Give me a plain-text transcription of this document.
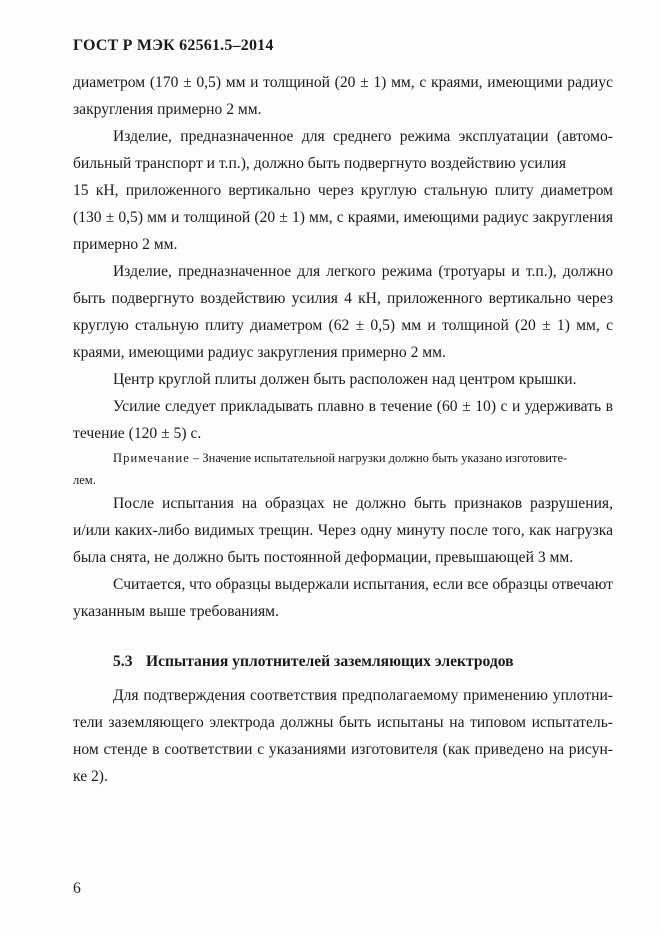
ГОСТ Р МЭК 62561.5–2014
диаметром (170 ± 0,5) мм и толщиной (20 ± 1) мм, с краями, имеющими радиус
закругления примерно 2 мм.
Изделие, предназначенное для среднего режима эксплуатации (автомо-
бильный транспорт и т.п.), должно быть подвергнуто воздействию усилия
15 кН, приложенного вертикально через круглую стальную плиту диаметром
(130 ± 0,5) мм и толщиной (20 ± 1) мм, с краями, имеющими радиус закругления
примерно 2 мм.
Изделие, предназначенное для легкого режима (тротуары и т.п.), должно
быть подвергнуто воздействию усилия 4 кН, приложенного вертикально через
круглую стальную плиту диаметром (62 ± 0,5) мм и толщиной (20 ± 1) мм, с
краями, имеющими радиус закругления примерно 2 мм.
Центр круглой плиты должен быть расположен над центром крышки.
Усилие следует прикладывать плавно в течение (60 ± 10) с и удерживать в
течение (120 ± 5) с.
Примечание – Значение испытательной нагрузки должно быть указано изготовите-
лем.
После испытания на образцах не должно быть признаков разрушения,
и/или каких-либо видимых трещин. Через одну минуту после того, как нагрузка
была снята, не должно быть постоянной деформации, превышающей 3 мм.
Считается, что образцы выдержали испытания, если все образцы отвечают
указанным выше требованиям.
5.3 Испытания уплотнителей заземляющих электродов
Для подтверждения соответствия предполагаемому применению уплотни-
тели заземляющего электрода должны быть испытаны на типовом испытатель-
ном стенде в соответствии с указаниями изготовителя (как приведено на рисун-
ке 2).
6
